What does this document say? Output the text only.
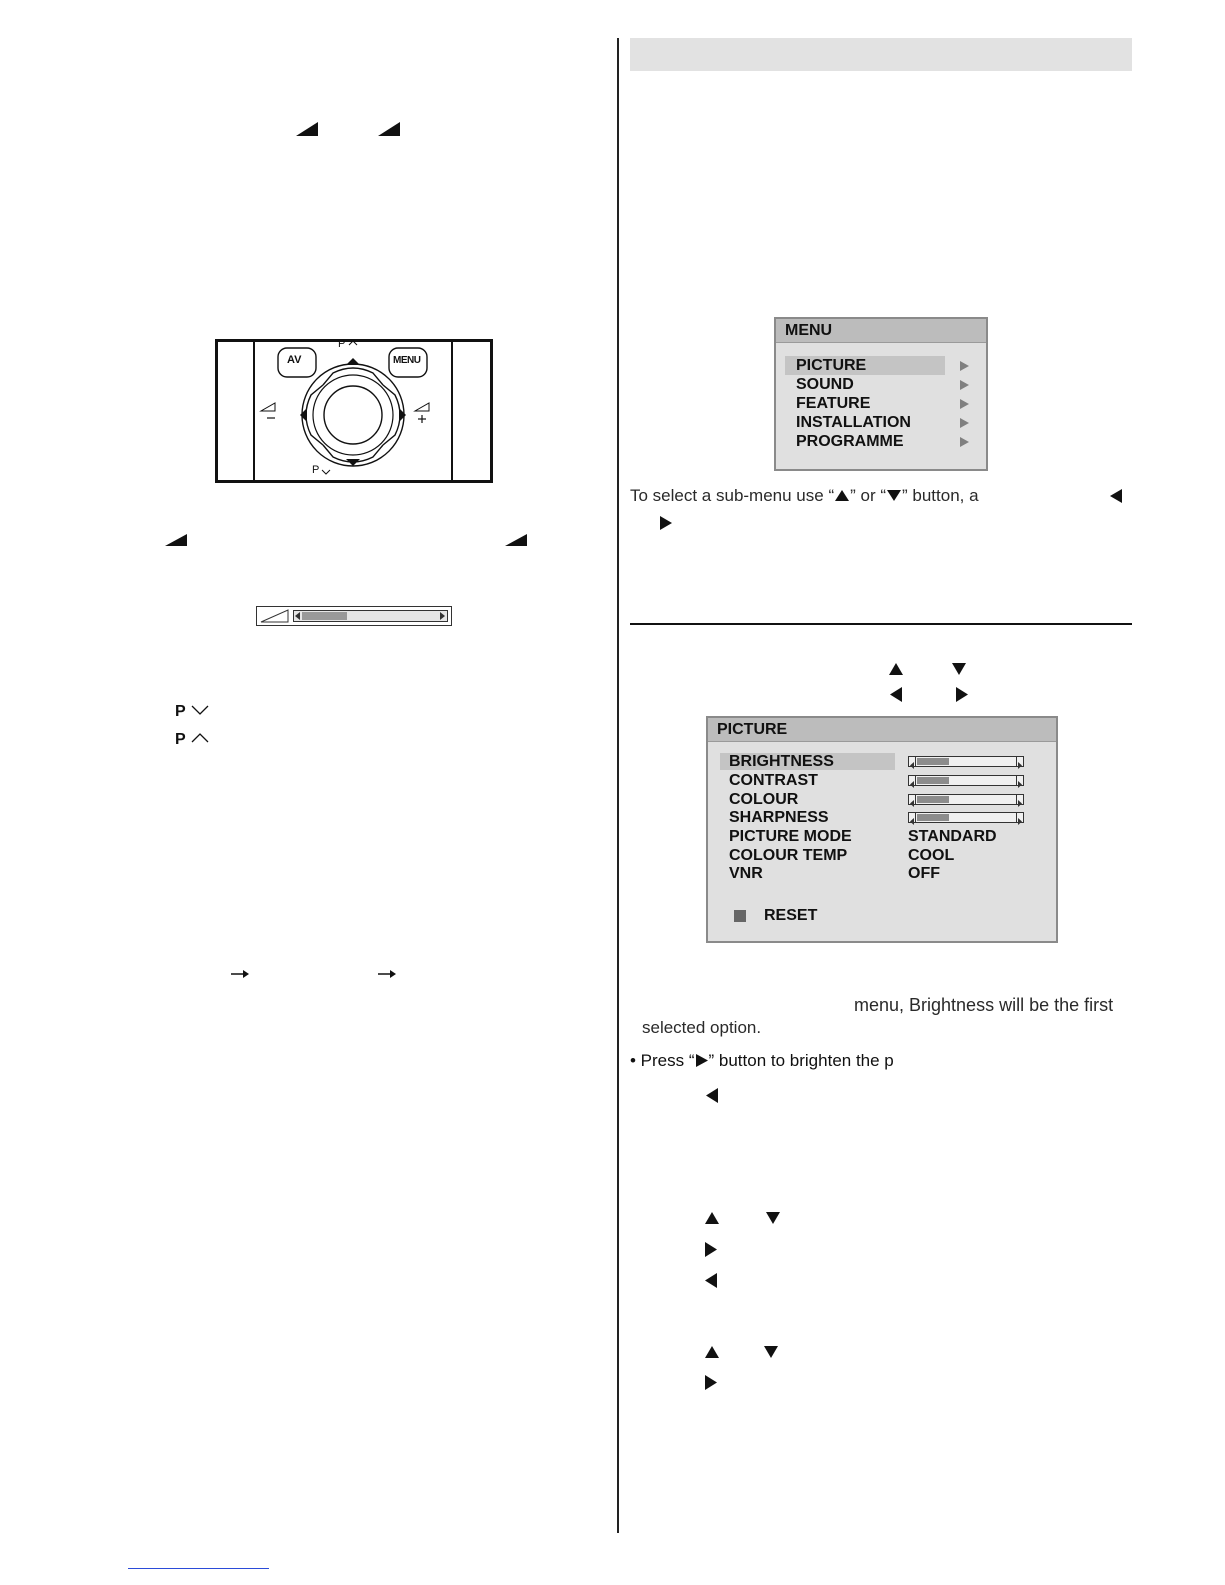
AV	MENU
P
P
P
P
MENU
PICTURE
SOUND
FEATURE
INSTALLATION
PROGRAMME
To select a sub-menu use “ ” or “ ” button, a
PICTURE
BRIGHTNESS
CONTRAST
COLOUR
SHARPNESS
PICTURE MODE
COLOUR TEMP
VNR
STANDARD
COOL
OFF
RESET
menu, Brightness will be the first
selected option.
• Press “ ” button to brighten the p
